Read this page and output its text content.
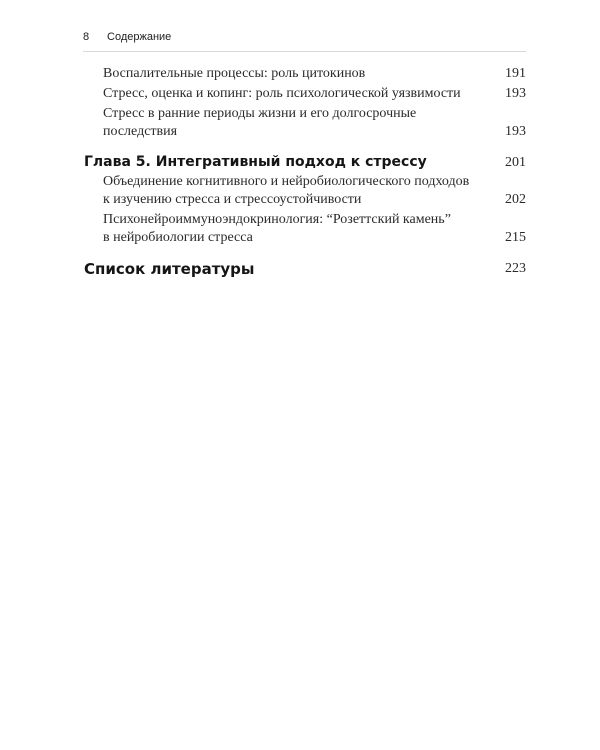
8 Содержание
Воспалительные процессы: роль цитокинов	191
Стресс, оценка и копинг: роль психологической уязвимости	193
Стресс в ранние периоды жизни и его долгосрочные
последствия	193
Глава 5. Интегративный подход к стрессу	201
Объединение когнитивного и нейробиологического подходов
к изучению стресса и стрессоустойчивости	202
Психонейроиммуноэндокринология: “Розеттский камень”
в нейробиологии стресса	215
Список литературы	223
